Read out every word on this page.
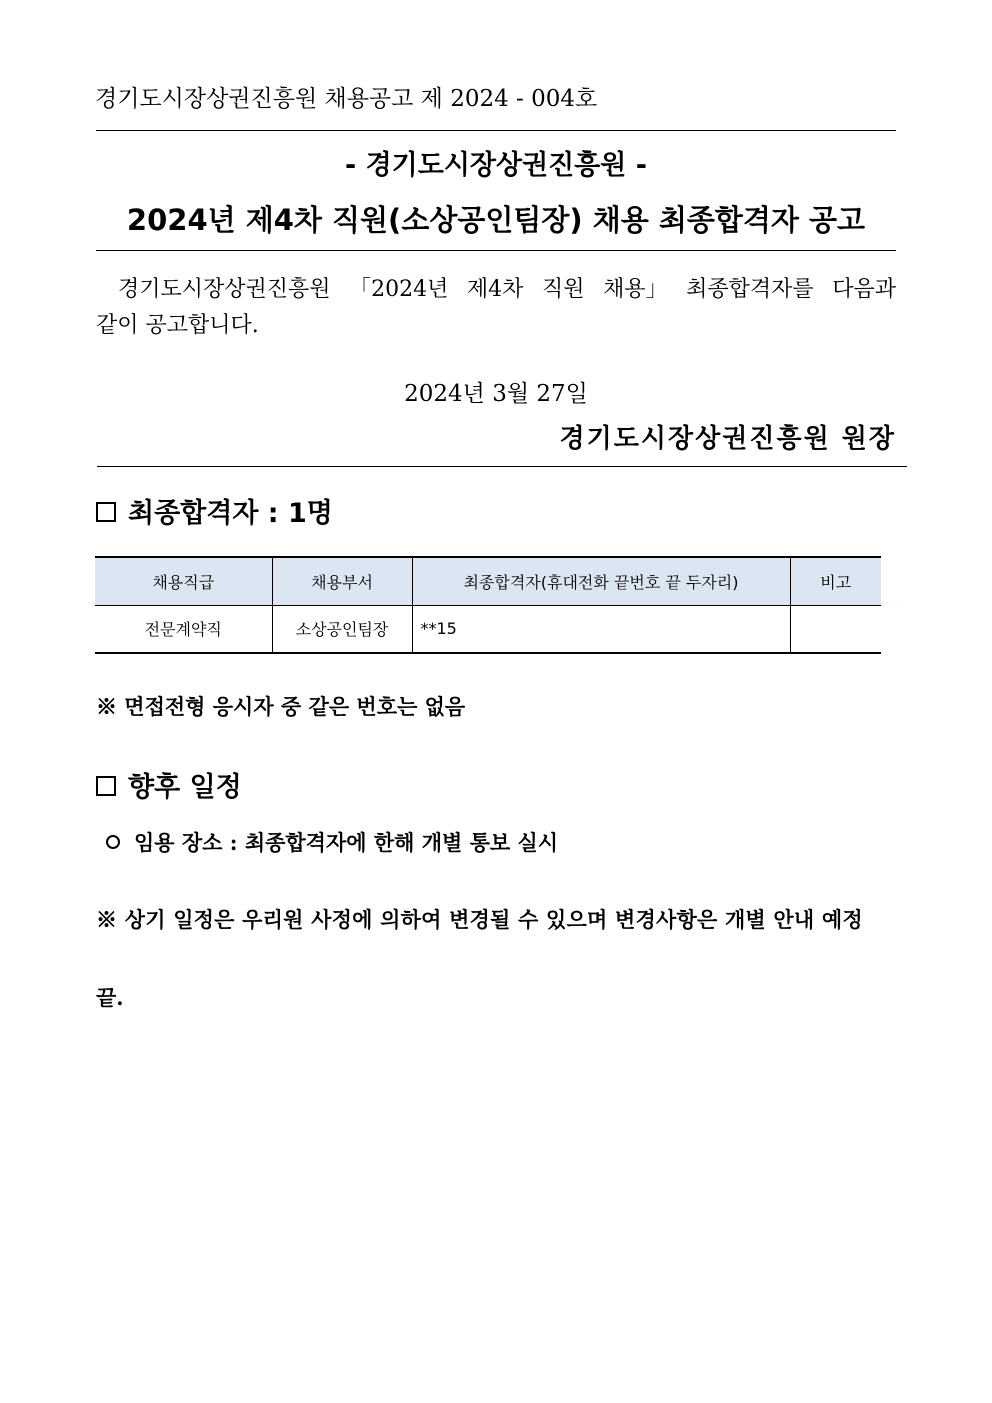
경기도시장상권진흥원 채용공고 제 2024 - 004호
- 경기도시장상권진흥원 -
2024년 제4차 직원(소상공인팀장) 채용 최종합격자 공고
경기도시장상권진흥원 「2024년 제4차 직원 채용」 최종합격자를 다음과
같이 공고합니다.
2024년 3월 27일
경기도시장상권진흥원 원장
최종합격자 : 1명
채용직급	채용부서	최종합격자(휴대전화 끝번호 끝 두자리)	비고
전문계약직	소상공인팀장	**15	
※ 면접전형 응시자 중 같은 번호는 없음
향후 일정
임용 장소 : 최종합격자에 한해 개별 통보 실시
※ 상기 일정은 우리원 사정에 의하여 변경될 수 있으며 변경사항은 개별 안내 예정
끝.
